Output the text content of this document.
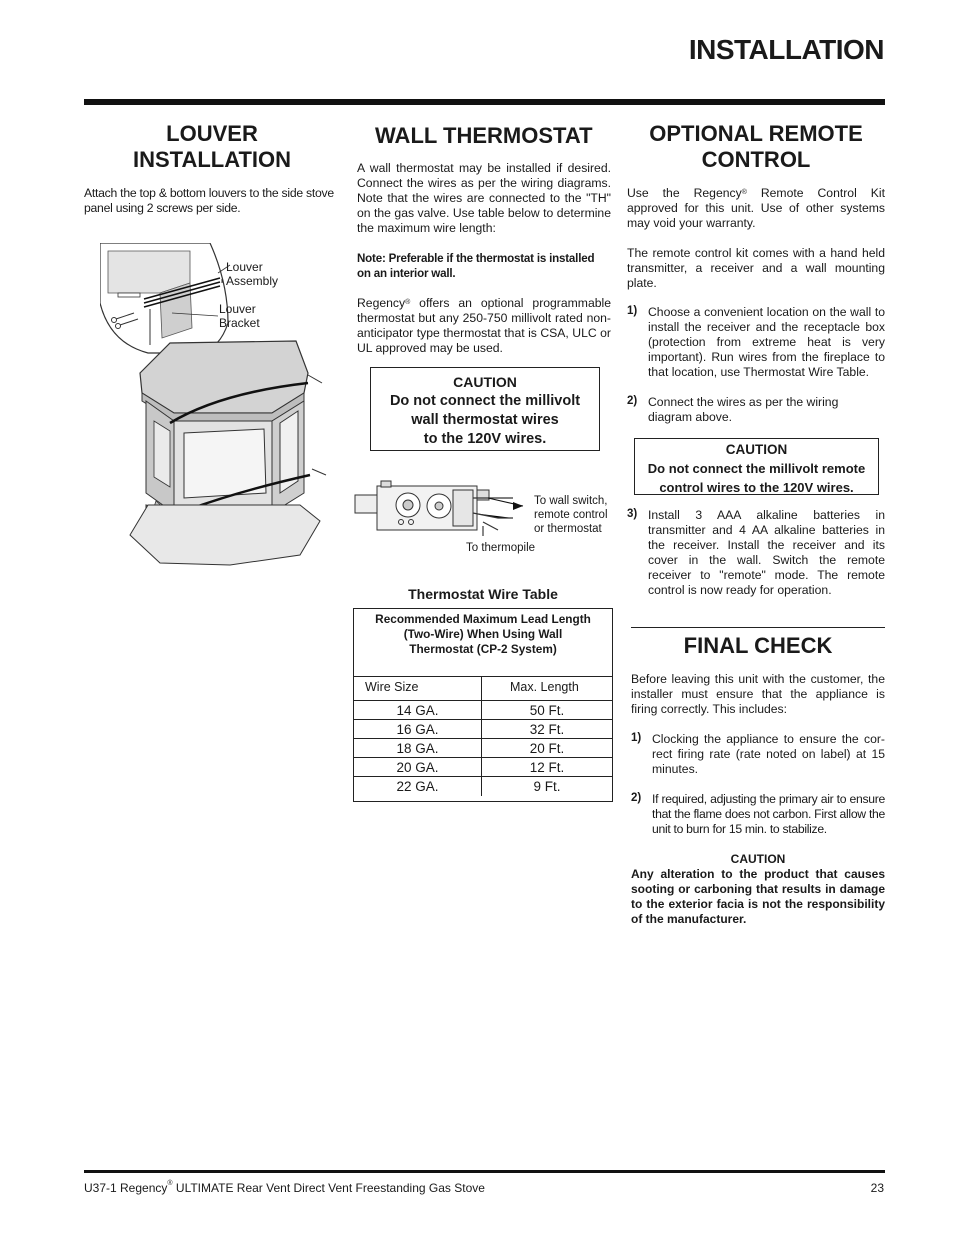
INSTALLATION
LOUVER
INSTALLATION

Attach the top & bottom louvers to the side stove panel using 2 screws per side.

Louver
Assembly
Louver
Bracket
WALL THERMOSTAT

A wall thermostat may be installed if desired. Connect the wires as per the wiring diagrams. Note that the wires are connected to the "TH" on the gas valve. Use table below to determine the maximum wire length:

Note: Preferable if the thermostat is installed on an interior wall.

Regency® offers an optional programmable thermostat but any 250-750 millivolt rated non-anticipator type thermostat that is CSA, ULC or UL approved may be used.

CAUTION
Do not connect the millivolt
wall thermostat wires
to the 120V wires.
To wall switch,
remote control
or thermostat
To thermopile
Thermostat Wire Table
Recommended Maximum Lead Length
(Two-Wire) When Using Wall
Thermostat (CP-2 System)
Wire Size	Max. Length

14 GA.	50 Ft.
16 GA.	32 Ft.
18 GA.	20 Ft.
20 GA.	12 Ft.
22 GA.	9 Ft.
OPTIONAL REMOTE
CONTROL

Use the Regency® Remote Control Kit approved for this unit. Use of other systems may void your warranty.

The remote control kit comes with a hand held transmitter, a receiver and a wall mounting plate.

1) Choose a convenient location on the wall to install the receiver and the receptacle box (protection from extreme heat is very important). Run wires from the fireplace to that location, use Thermostat Wire Table.

2) Connect the wires as per the wiring diagram above.

CAUTION
Do not connect the millivolt remote
control wires to the 120V wires.
3) Install 3 AAA alkaline batteries in transmitter and 4 AA alkaline batteries in the receiver. Install the receiver and its cover in the wall. Switch the remote receiver to "remote" mode. The remote control is now ready for operation.

FINAL CHECK

Before leaving this unit with the customer, the installer must ensure that the appliance is firing correctly. This includes:

1) Clocking the appliance to ensure the cor-rect firing rate (rate noted on label) at 15 minutes.

2) If required, adjusting the primary air to ensure that the flame does not carbon. First allow the unit to burn for 15 min. to stabilize.

CAUTION

Any alteration to the product that causes sooting or carboning that results in damage to the exterior facia is not the responsibility of the manufacturer.

U37-1 Regency® ULTIMATE Rear Vent Direct Vent Freestanding Gas Stove	23
